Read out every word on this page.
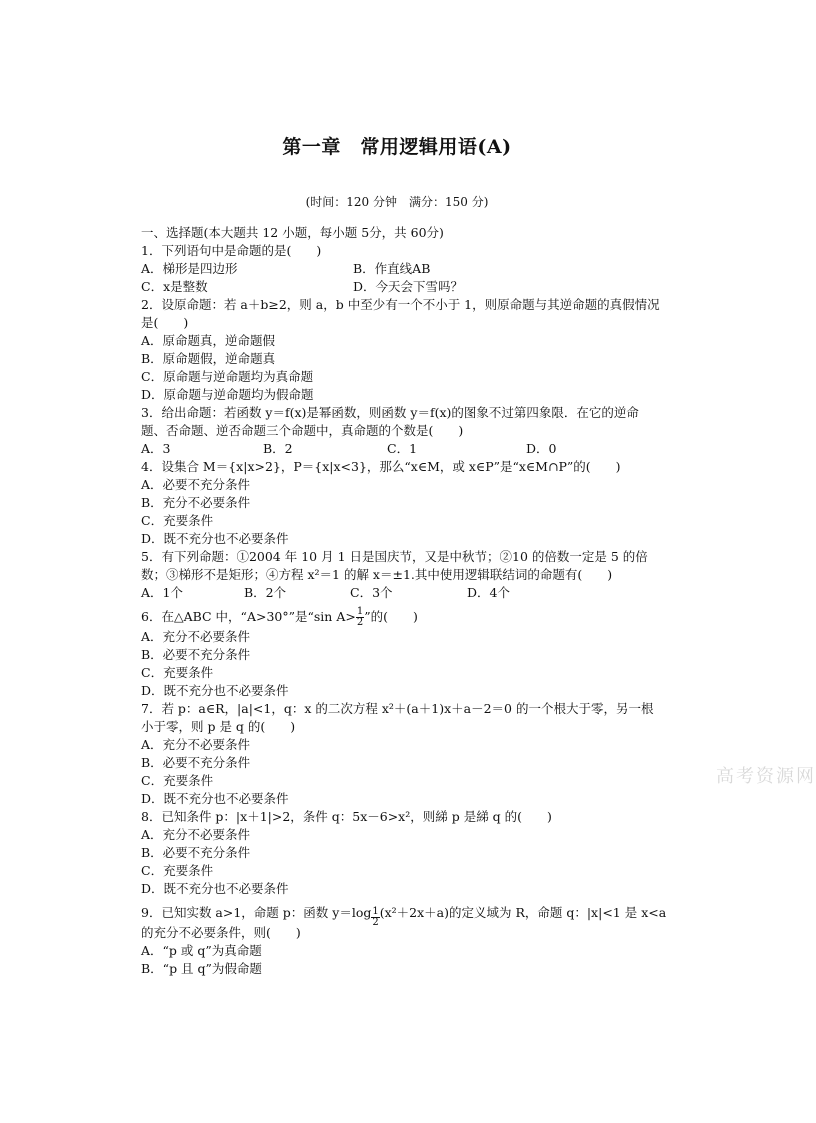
第一章　常用逻辑用语(A)
(时间：120 分钟　满分：150 分)
一、选择题(本大题共 12 小题，每小题 5分，共 60分)
1．下列语句中是命题的是(　　)
A．梯形是四边形	B．作直线AB
C．x是整数	D．今天会下雪吗？
2．设原命题：若 a＋b≥2，则 a，b 中至少有一个不小于 1，则原命题与其逆命题的真假情况是(　　)
A．原命题真，逆命题假
B．原命题假，逆命题真
C．原命题与逆命题均为真命题
D．原命题与逆命题均为假命题
3．给出命题：若函数 y＝f(x)是幂函数，则函数 y＝f(x)的图象不过第四象限．在它的逆命题、否命题、逆否命题三个命题中，真命题的个数是(　　)
A．3	B．2	C．1	D．0
4．设集合 M＝{x|x>2}，P＝{x|x<3}，那么“x∈M，或 x∈P”是“x∈M∩P”的(　　)
A．必要不充分条件
B．充分不必要条件
C．充要条件
D．既不充分也不必要条件
5．有下列命题：①2004 年 10 月 1 日是国庆节，又是中秋节；②10 的倍数一定是 5 的倍数；③梯形不是矩形；④方程 x²＝1 的解 x＝±1.其中使用逻辑联结词的命题有(　　)
A．1个	B．2个	C．3个	D．4个
6．在△ABC 中，“A>30°”是“sin $A> \frac{1}{2}$ ”的(　　)
A．充分不必要条件
B．必要不充分条件
C．充要条件
D．既不充分也不必要条件
7．若 p：a∈R，|a|<1，q：x 的二次方程 x²＋(a＋1)x＋a－2＝0 的一个根大于零，另一根小于零，则 p 是 q 的(　　)
A．充分不必要条件
B．必要不充分条件
C．充要条件
D．既不充分也不必要条件
8．已知条件 p：|x＋1|>2，条件 q：5x－6>x²，则綈 p 是綈 q 的(　　)
A．充分不必要条件
B．必要不充分条件
C．充要条件
D．既不充分也不必要条件
9．已知实数 a>1，命题 p：函数 $y=\log \frac{1}{2} (x^2+2x+a)$的定义域为 R，命题 q：|x|<1 是 x<a
的充分不必要条件，则(　　)
A．“p 或 q”为真命题
B．“p 且 q”为假命题
高考资源网
